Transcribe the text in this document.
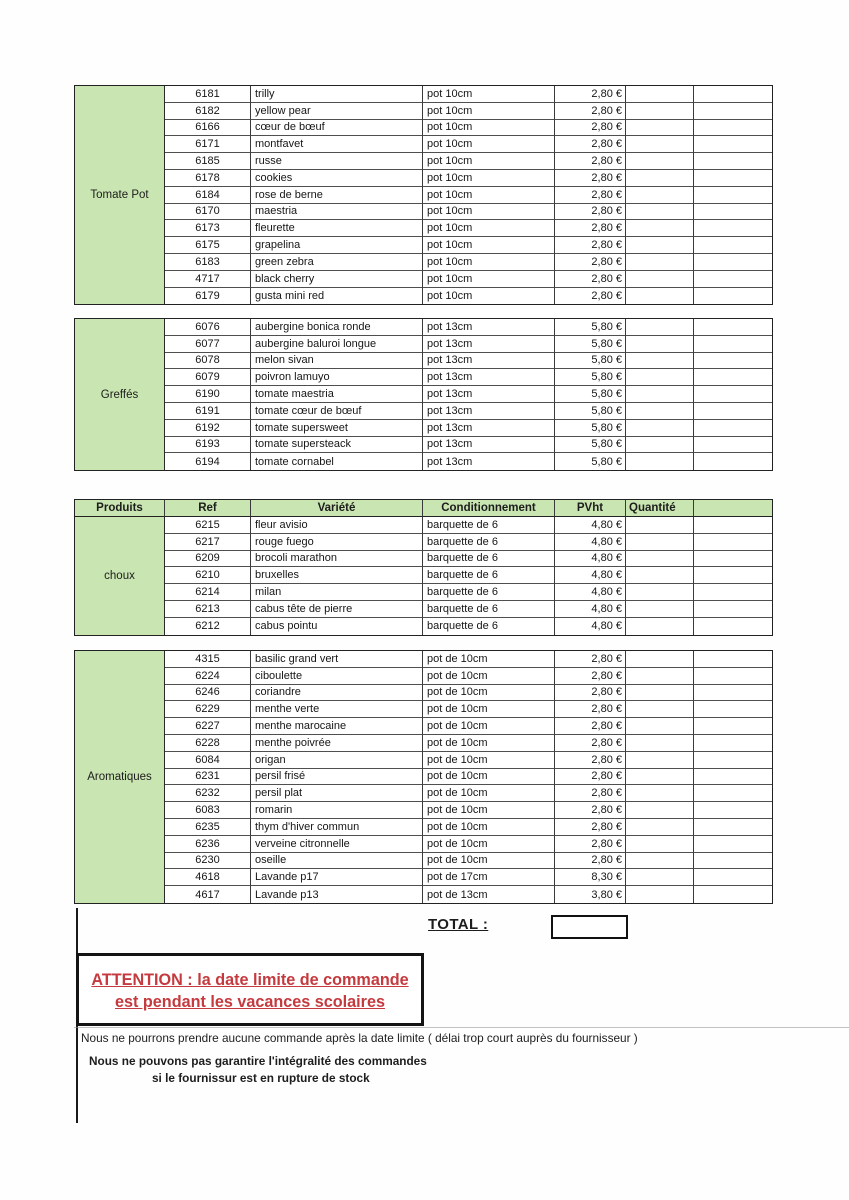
Tomate Pot
6181	trilly	pot 10cm	2,80 €
6182	yellow pear	pot 10cm	2,80 €
6166	cœur de bœuf	pot 10cm	2,80 €
6171	montfavet	pot 10cm	2,80 €
6185	russe	pot 10cm	2,80 €
6178	cookies	pot 10cm	2,80 €
6184	rose de berne	pot 10cm	2,80 €
6170	maestria	pot 10cm	2,80 €
6173	fleurette	pot 10cm	2,80 €
6175	grapelina	pot 10cm	2,80 €
6183	green zebra	pot 10cm	2,80 €
4717	black cherry	pot 10cm	2,80 €
6179	gusta mini red	pot 10cm	2,80 €
Greffés
6076	aubergine bonica ronde	pot 13cm	5,80 €
6077	aubergine baluroi longue	pot 13cm	5,80 €
6078	melon sivan	pot 13cm	5,80 €
6079	poivron lamuyo	pot 13cm	5,80 €
6190	tomate maestria	pot 13cm	5,80 €
6191	tomate cœur de bœuf	pot 13cm	5,80 €
6192	tomate supersweet	pot 13cm	5,80 €
6193	tomate supersteack	pot 13cm	5,80 €
6194	tomate cornabel	pot 13cm	5,80 €
Produits	Ref	Variété	Conditionnement	PVht	Quantité
choux
6215	fleur avisio	barquette de 6	4,80 €
6217	rouge fuego	barquette de 6	4,80 €
6209	brocoli marathon	barquette de 6	4,80 €
6210	bruxelles	barquette de 6	4,80 €
6214	milan	barquette de 6	4,80 €
6213	cabus tête de pierre	barquette de 6	4,80 €
6212	cabus pointu	barquette de 6	4,80 €
Aromatiques
4315	basilic grand vert	pot de 10cm	2,80 €
6224	ciboulette	pot de 10cm	2,80 €
6246	coriandre	pot de 10cm	2,80 €
6229	menthe verte	pot de 10cm	2,80 €
6227	menthe marocaine	pot de 10cm	2,80 €
6228	menthe poivrée	pot de 10cm	2,80 €
6084	origan	pot de 10cm	2,80 €
6231	persil frisé	pot de 10cm	2,80 €
6232	persil plat	pot de 10cm	2,80 €
6083	romarin	pot de 10cm	2,80 €
6235	thym d'hiver commun	pot de 10cm	2,80 €
6236	verveine citronnelle	pot de 10cm	2,80 €
6230	oseille	pot de 10cm	2,80 €
4618	Lavande p17	pot de 17cm	8,30 €
4617	Lavande p13	pot de 13cm	3,80 €
TOTAL :
ATTENTION : la date limite de commande
est pendant les vacances scolaires
Nous ne pourrons prendre aucune commande après la date limite ( délai trop court auprès du fournisseur )
Nous ne pouvons pas garantire l'intégralité des commandes
si le fournissur est en rupture de stock
